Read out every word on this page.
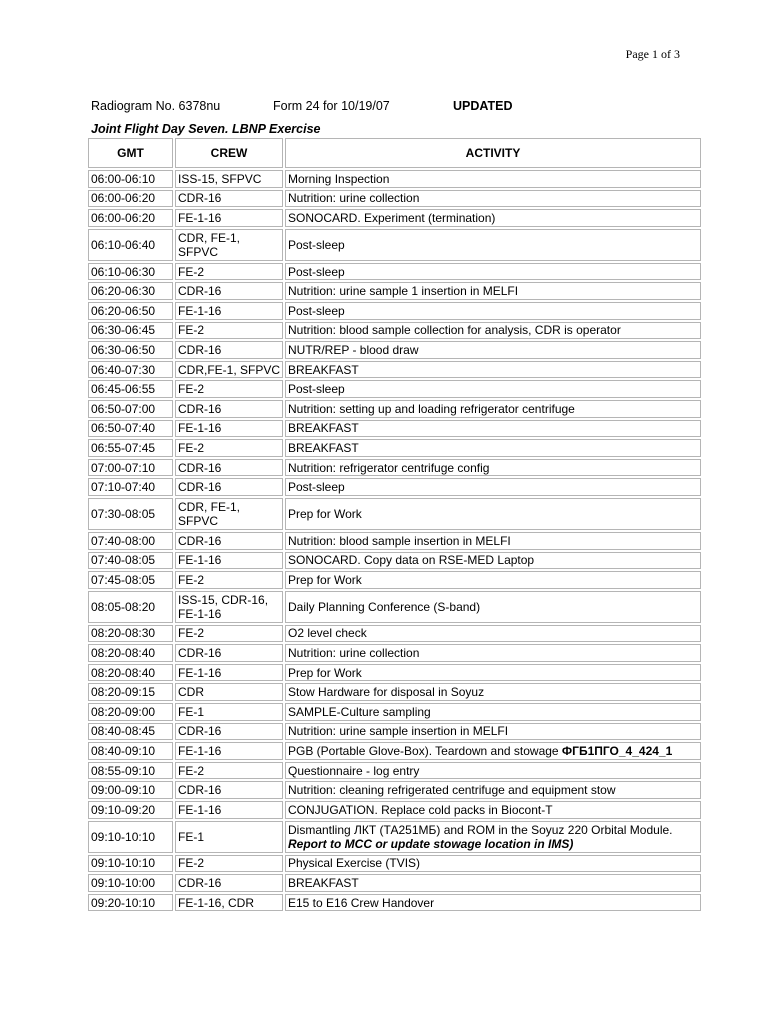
Page 1 of 3
Radiogram No. 6378nu	Form 24 for 10/19/07	UPDATED
Joint Flight Day Seven. LBNP Exercise
GMT	CREW	ACTIVITY
06:00-06:10	ISS-15, SFPVC	Morning Inspection
06:00-06:20	CDR-16	Nutrition: urine collection
06:00-06:20	FE-1-16	SONOCARD. Experiment (termination)
06:10-06:40	CDR, FE-1, SFPVC	Post-sleep
06:10-06:30	FE-2	Post-sleep
06:20-06:30	CDR-16	Nutrition: urine sample 1 insertion in MELFI
06:20-06:50	FE-1-16	Post-sleep
06:30-06:45	FE-2	Nutrition: blood sample collection for analysis, CDR is operator
06:30-06:50	CDR-16	NUTR/REP - blood draw
06:40-07:30	CDR,FE-1, SFPVC	BREAKFAST
06:45-06:55	FE-2	Post-sleep
06:50-07:00	CDR-16	Nutrition: setting up and loading refrigerator centrifuge
06:50-07:40	FE-1-16	BREAKFAST
06:55-07:45	FE-2	BREAKFAST
07:00-07:10	CDR-16	Nutrition: refrigerator centrifuge config
07:10-07:40	CDR-16	Post-sleep
07:30-08:05	CDR, FE-1, SFPVC	Prep for Work
07:40-08:00	CDR-16	Nutrition: blood sample insertion in MELFI
07:40-08:05	FE-1-16	SONOCARD. Copy data on RSE-MED Laptop
07:45-08:05	FE-2	Prep for Work
08:05-08:20	ISS-15, CDR-16, FE-1-16	Daily Planning Conference (S-band)
08:20-08:30	FE-2	O2 level check
08:20-08:40	CDR-16	Nutrition: urine collection
08:20-08:40	FE-1-16	Prep for Work
08:20-09:15	CDR	Stow Hardware for disposal in Soyuz
08:20-09:00	FE-1	SAMPLE-Culture sampling
08:40-08:45	CDR-16	Nutrition: urine sample insertion in MELFI
08:40-09:10	FE-1-16	PGB (Portable Glove-Box). Teardown and stowage ФГБ1ПГО_4_424_1
08:55-09:10	FE-2	Questionnaire - log entry
09:00-09:10	CDR-16	Nutrition: cleaning refrigerated centrifuge and equipment stow
09:10-09:20	FE-1-16	CONJUGATION. Replace cold packs in Biocont-T
09:10-10:10	FE-1	Dismantling ЛКТ (ТА251МБ) and ROM in the Soyuz 220 Orbital Module.
Report to MCC or update stowage location in IMS)
09:10-10:10	FE-2	Physical Exercise (TVIS)
09:10-10:00	CDR-16	BREAKFAST
09:20-10:10	FE-1-16, CDR	E15 to E16 Crew Handover
